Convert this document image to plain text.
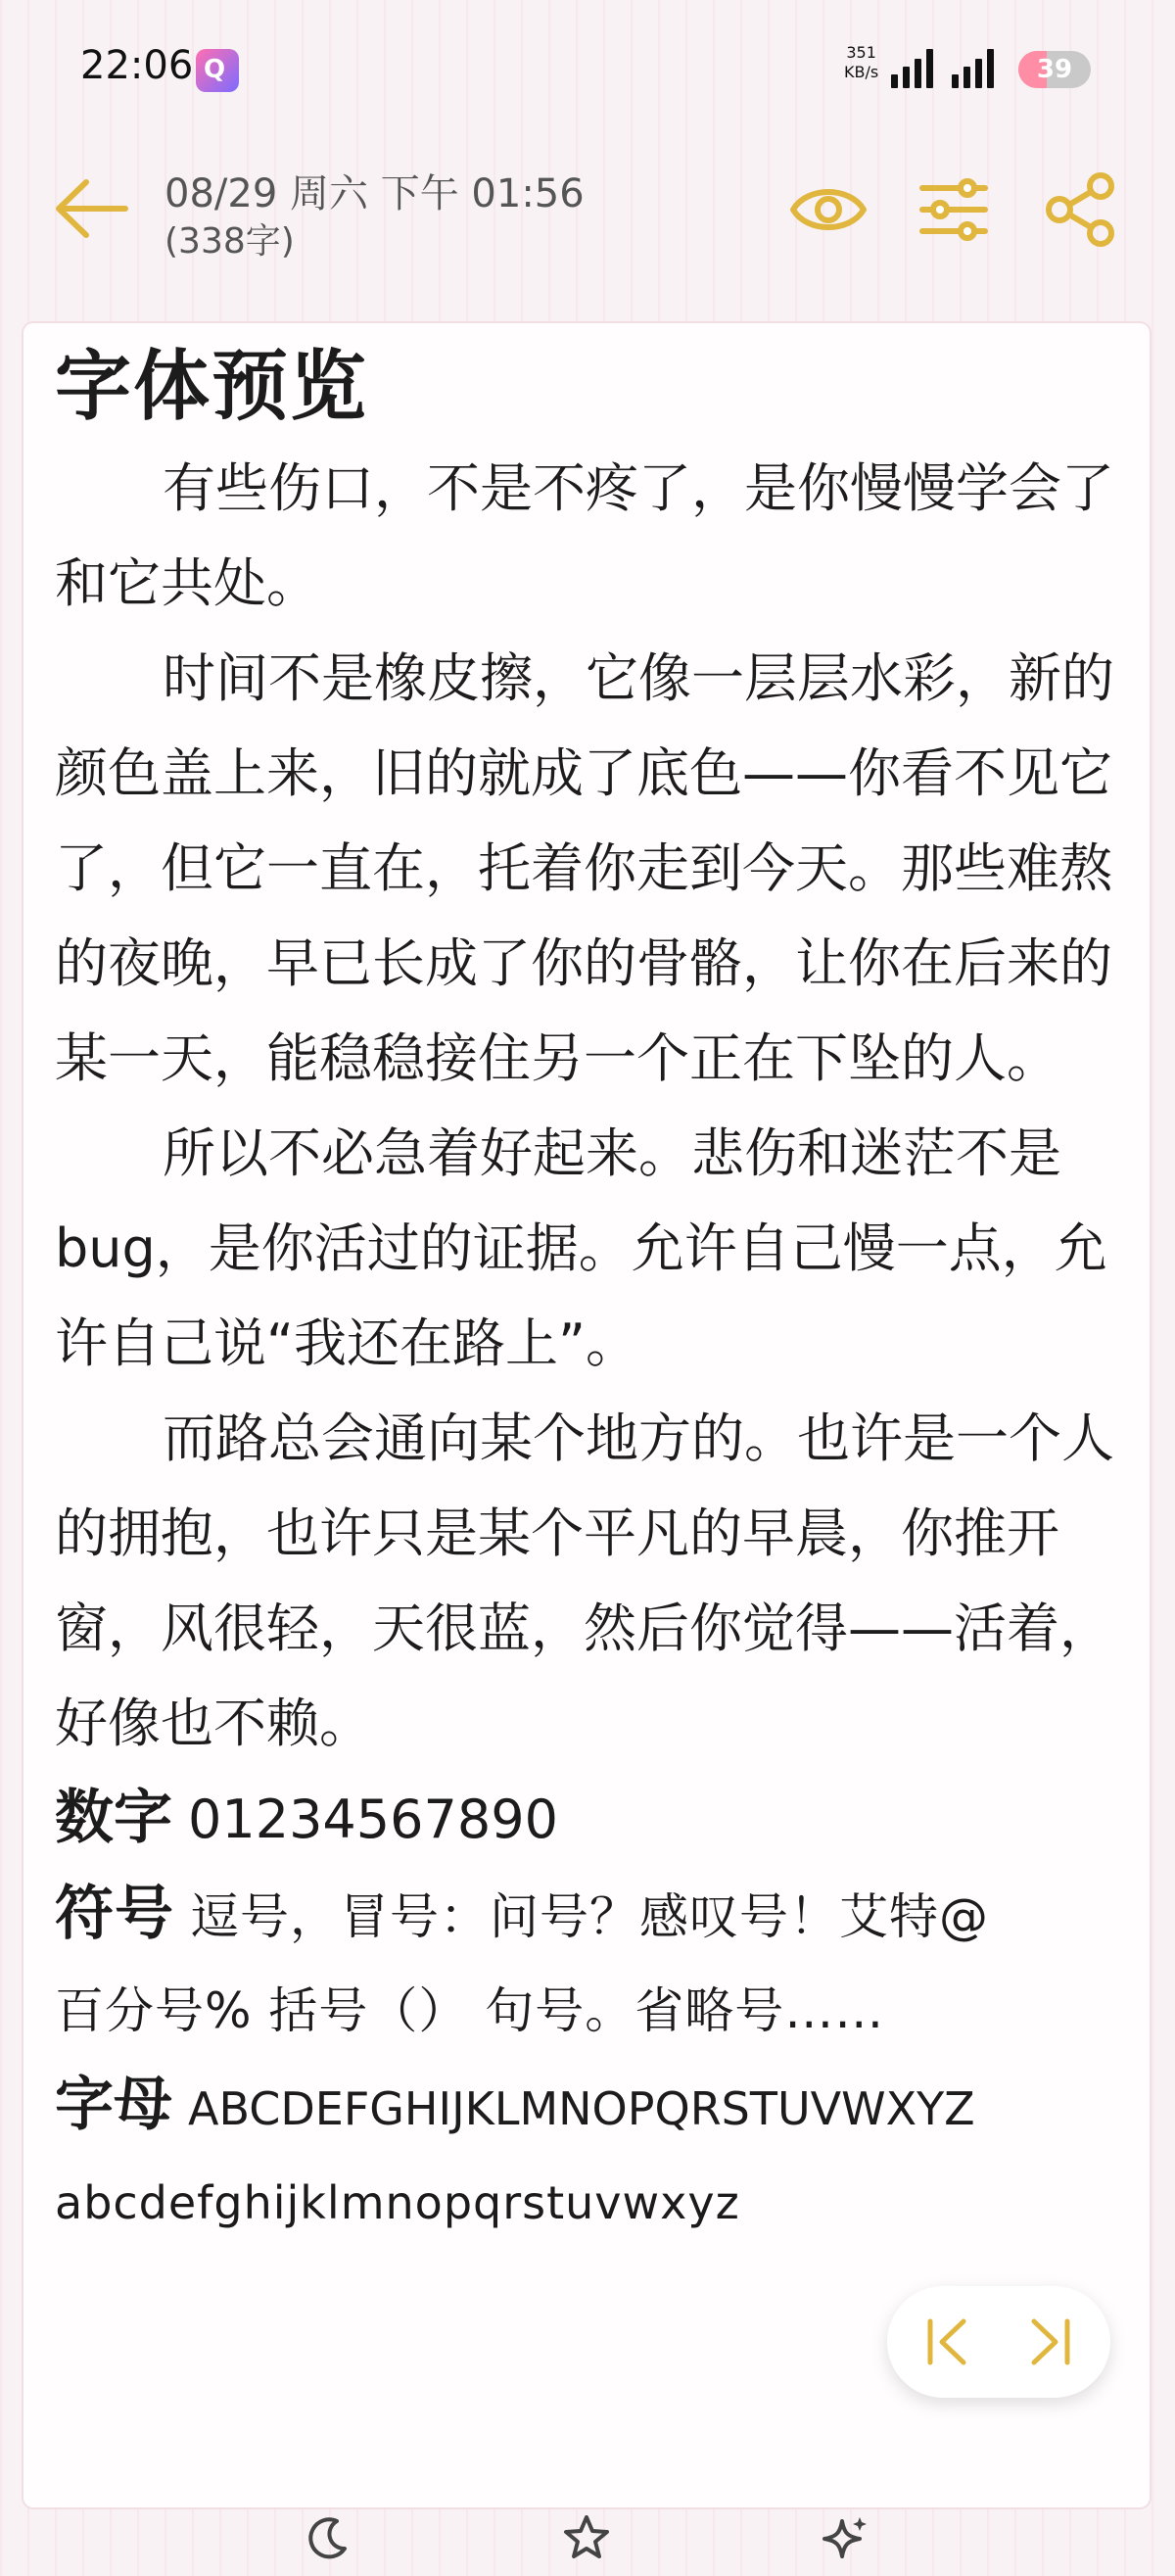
22:06 Q
351
KB/s	39
08/29 周六 下午 01:56
(338字)
字体预览

有些伤口，不是不疼了，是你慢慢学会了和它共处。

时间不是橡皮擦，它像一层层水彩，新的颜色盖上来，旧的就成了底色——你看不见它了，但它一直在，托着你走到今天。那些难熬的夜晚，早已长成了你的骨骼，让你在后来的某一天，能稳稳接住另一个正在下坠的人。

所以不必急着好起来。悲伤和迷茫不是bug，是你活过的证据。允许自己慢一点，允许自己说“我还在路上”。

而路总会通向某个地方的。也许是一个人的拥抱，也许只是某个平凡的早晨，你推开窗，风很轻，天很蓝，然后你觉得——活着，好像也不赖。

数字 01234567890

符号 逗号，冒号：问号？感叹号！艾特@

百分号% 括号（） 句号。省略号……

字母 ABCDEFGHIJKLMNOPQRSTUVWXYZ

abcdefghijklmnopqrstuvwxyz
